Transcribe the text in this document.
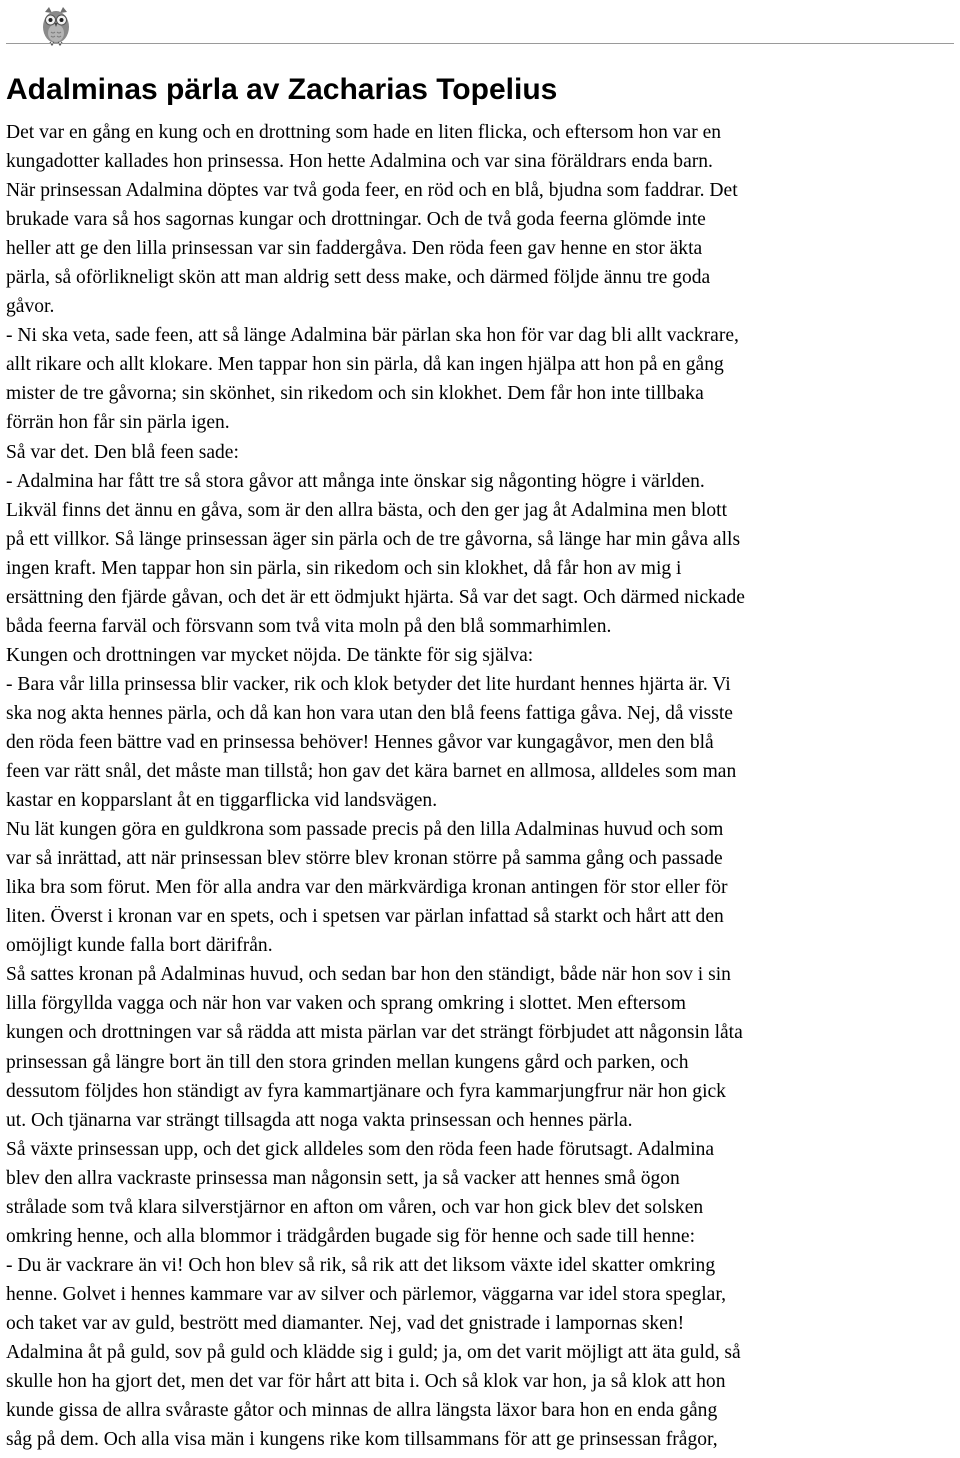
Adalminas pärla av Zacharias Topelius
Det var en gång en kung och en drottning som hade en liten flicka, och eftersom hon var en
kungadotter kallades hon prinsessa. Hon hette Adalmina och var sina föräldrars enda barn.
När prinsessan Adalmina döptes var två goda feer, en röd och en blå, bjudna som faddrar. Det
brukade vara så hos sagornas kungar och drottningar. Och de två goda feerna glömde inte
heller att ge den lilla prinsessan var sin faddergåva. Den röda feen gav henne en stor äkta
pärla, så oförlikneligt skön att man aldrig sett dess make, och därmed följde ännu tre goda
gåvor.
- Ni ska veta, sade feen, att så länge Adalmina bär pärlan ska hon för var dag bli allt vackrare,
allt rikare och allt klokare. Men tappar hon sin pärla, då kan ingen hjälpa att hon på en gång
mister de tre gåvorna; sin skönhet, sin rikedom och sin klokhet. Dem får hon inte tillbaka
förrän hon får sin pärla igen.
Så var det. Den blå feen sade:
- Adalmina har fått tre så stora gåvor att många inte önskar sig någonting högre i världen.
Likväl finns det ännu en gåva, som är den allra bästa, och den ger jag åt Adalmina men blott
på ett villkor. Så länge prinsessan äger sin pärla och de tre gåvorna, så länge har min gåva alls
ingen kraft. Men tappar hon sin pärla, sin rikedom och sin klokhet, då får hon av mig i
ersättning den fjärde gåvan, och det är ett ödmjukt hjärta. Så var det sagt. Och därmed nickade
båda feerna farväl och försvann som två vita moln på den blå sommarhimlen.
Kungen och drottningen var mycket nöjda. De tänkte för sig själva:
- Bara vår lilla prinsessa blir vacker, rik och klok betyder det lite hurdant hennes hjärta är. Vi
ska nog akta hennes pärla, och då kan hon vara utan den blå feens fattiga gåva. Nej, då visste
den röda feen bättre vad en prinsessa behöver! Hennes gåvor var kungagåvor, men den blå
feen var rätt snål, det måste man tillstå; hon gav det kära barnet en allmosa, alldeles som man
kastar en kopparslant åt en tiggarflicka vid landsvägen.
Nu lät kungen göra en guldkrona som passade precis på den lilla Adalminas huvud och som
var så inrättad, att när prinsessan blev större blev kronan större på samma gång och passade
lika bra som förut. Men för alla andra var den märkvärdiga kronan antingen för stor eller för
liten. Överst i kronan var en spets, och i spetsen var pärlan infattad så starkt och hårt att den
omöjligt kunde falla bort därifrån.
Så sattes kronan på Adalminas huvud, och sedan bar hon den ständigt, både när hon sov i sin
lilla förgyllda vagga och när hon var vaken och sprang omkring i slottet. Men eftersom
kungen och drottningen var så rädda att mista pärlan var det strängt förbjudet att någonsin låta
prinsessan gå längre bort än till den stora grinden mellan kungens gård och parken, och
dessutom följdes hon ständigt av fyra kammartjänare och fyra kammarjungfrur när hon gick
ut. Och tjänarna var strängt tillsagda att noga vakta prinsessan och hennes pärla.
Så växte prinsessan upp, och det gick alldeles som den röda feen hade förutsagt. Adalmina
blev den allra vackraste prinsessa man någonsin sett, ja så vacker att hennes små ögon
strålade som två klara silverstjärnor en afton om våren, och var hon gick blev det solsken
omkring henne, och alla blommor i trädgården bugade sig för henne och sade till henne:
- Du är vackrare än vi! Och hon blev så rik, så rik att det liksom växte idel skatter omkring
henne. Golvet i hennes kammare var av silver och pärlemor, väggarna var idel stora speglar,
och taket var av guld, bestrött med diamanter. Nej, vad det gnistrade i lampornas sken!
Adalmina åt på guld, sov på guld och klädde sig i guld; ja, om det varit möjligt att äta guld, så
skulle hon ha gjort det, men det var för hårt att bita i. Och så klok var hon, ja så klok att hon
kunde gissa de allra svåraste gåtor och minnas de allra längsta läxor bara hon en enda gång
såg på dem. Och alla visa män i kungens rike kom tillsammans för att ge prinsessan frågor,
